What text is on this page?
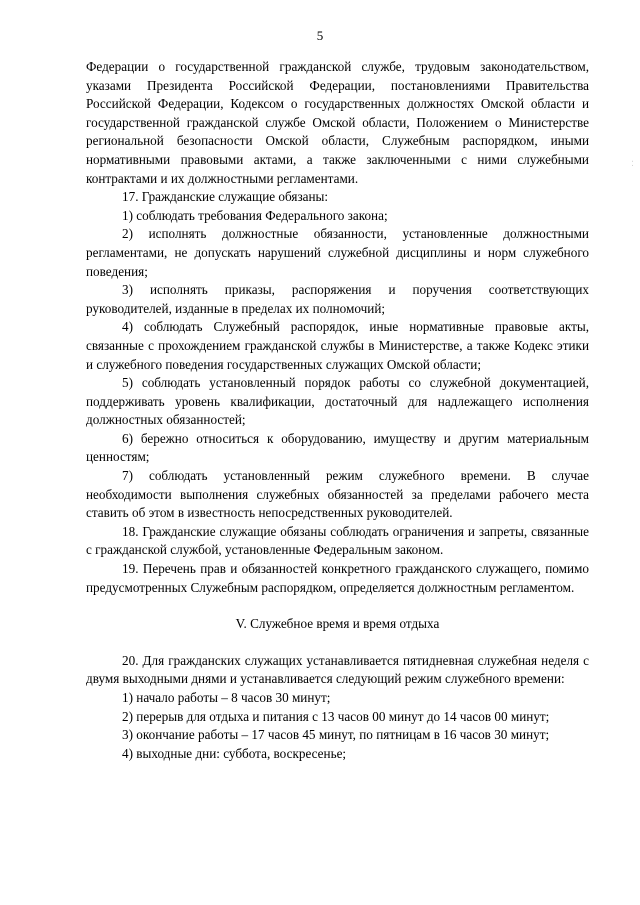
5
· ·

Федерации о государственной гражданской службе, трудовым законодательством, указами Президента Российской Федерации, постановлениями Правительства Российской Федерации, Кодексом о государственных должностях Омской области и государственной гражданской службе Омской области, Положением о Министерстве региональной безопасности Омской области, Служебным распорядком, иными нормативными правовыми актами, а также заключенными с ними служебными контрактами и их должностными регламентами.

17. Гражданские служащие обязаны:

1) соблюдать требования Федерального закона;

2) исполнять должностные обязанности, установленные должностными регламентами, не допускать нарушений служебной дисциплины и норм служебного поведения;

3) исполнять приказы, распоряжения и поручения соответствующих руководителей, изданные в пределах их полномочий;

4) соблюдать Служебный распорядок, иные нормативные правовые акты, связанные с прохождением гражданской службы в Министерстве, а также Кодекс этики и служебного поведения государственных служащих Омской области;

5) соблюдать установленный порядок работы со служебной документацией, поддерживать уровень квалификации, достаточный для надлежащего исполнения должностных обязанностей;

6) бережно относиться к оборудованию, имуществу и другим материальным ценностям;

7) соблюдать установленный режим служебного времени. В случае необходимости выполнения служебных обязанностей за пределами рабочего места ставить об этом в известность непосредственных руководителей.

18. Гражданские служащие обязаны соблюдать ограничения и запреты, связанные с гражданской службой, установленные Федеральным законом.

19. Перечень прав и обязанностей конкретного гражданского служащего, помимо предусмотренных Служебным распорядком, определяется должностным регламентом.

V. Служебное время и время отдыха

20. Для гражданских служащих устанавливается пятидневная служебная неделя с двумя выходными днями и устанавливается следующий режим служебного времени:

1) начало работы – 8 часов 30 минут;

2) перерыв для отдыха и питания с 13 часов 00 минут до 14 часов 00 минут;

3) окончание работы – 17 часов 45 минут, по пятницам в 16 часов 30 минут;

4) выходные дни: суббота, воскресенье;
